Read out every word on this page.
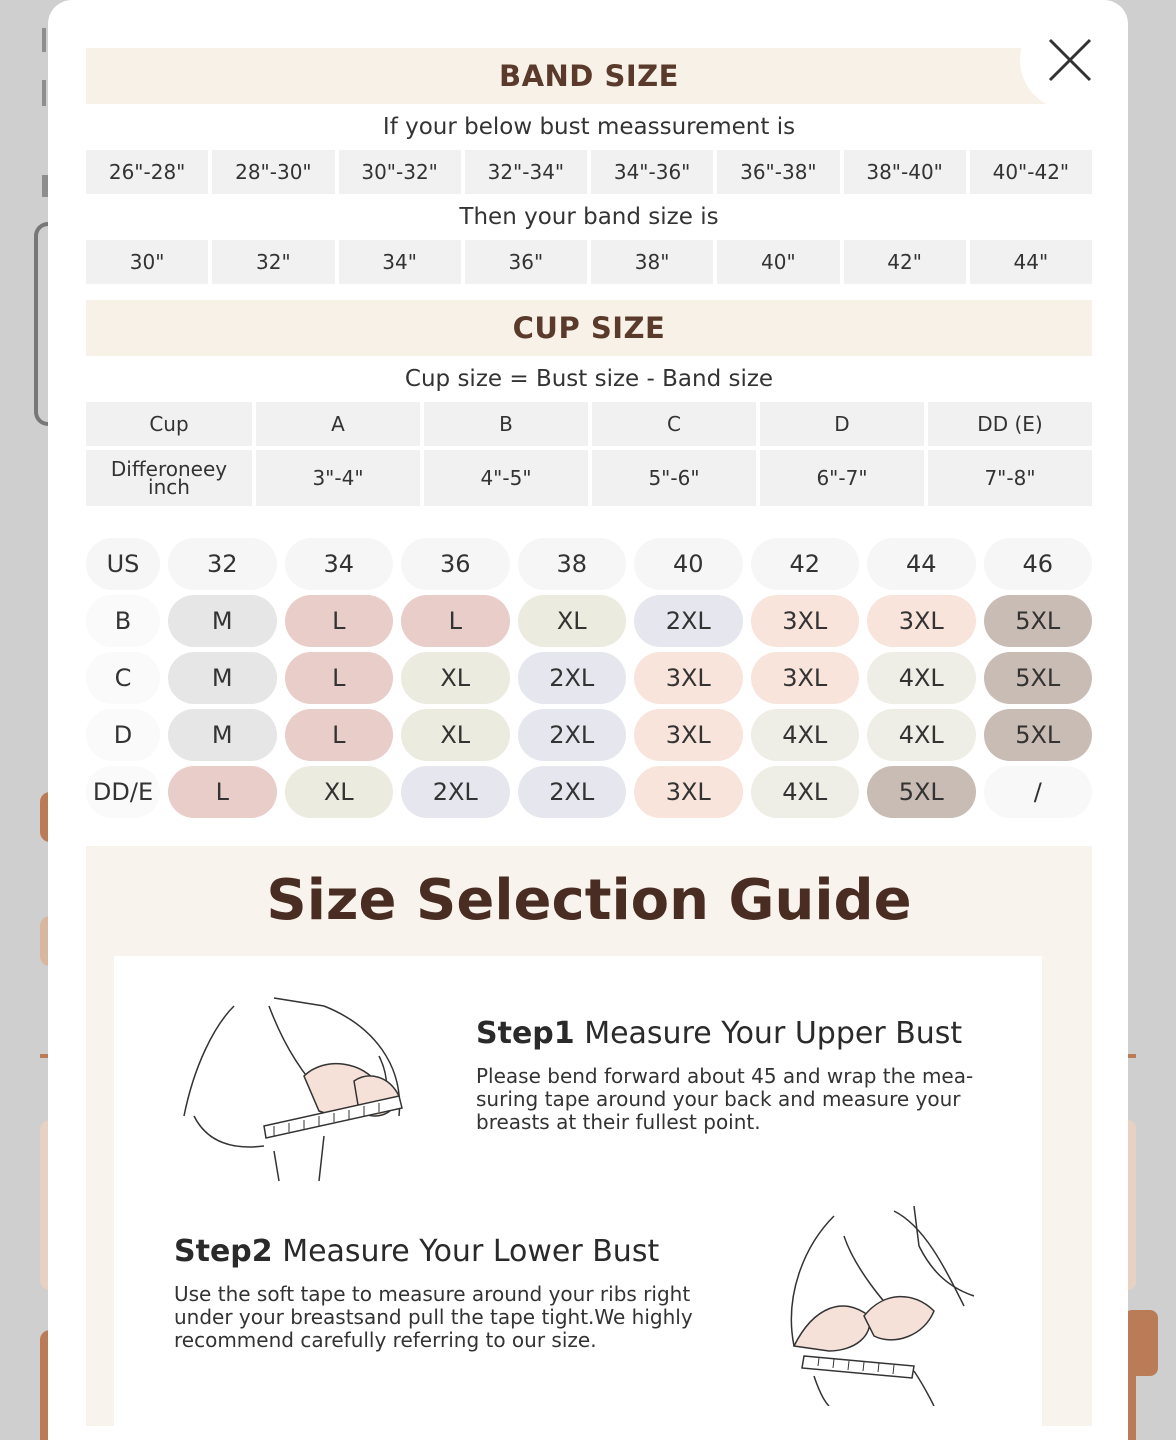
BAND SIZE
If your below bust meassurement is
26"-28"	28"-30"	30"-32"	32"-34"	34"-36"	36"-38"	38"-40"	40"-42"
Then your band size is
30"	32"	34"	36"	38"	40"	42"	44"
CUP SIZE
Cup size = Bust size - Band size
Cup	A	B	C	D	DD (E)
Differoneey
inch	3"-4"	4"-5"	5"-6"	6"-7"	7"-8"
US	32	34	36	38	40	42	44	46
B	M	L	L	XL	2XL	3XL	3XL	5XL
C	M	L	XL	2XL	3XL	3XL	4XL	5XL
D	M	L	XL	2XL	3XL	4XL	4XL	5XL
DD/E	L	XL	2XL	2XL	3XL	4XL	5XL	/
Size Selection Guide
Step1 Measure Your Upper Bust
Please bend forward about 45 and wrap the mea- suring tape around your back and measure your breasts at their fullest point.
Step2 Measure Your Lower Bust
Use the soft tape to measure around your ribs right under your breastsand pull the tape tight.We highly recommend carefully referring to our size.
